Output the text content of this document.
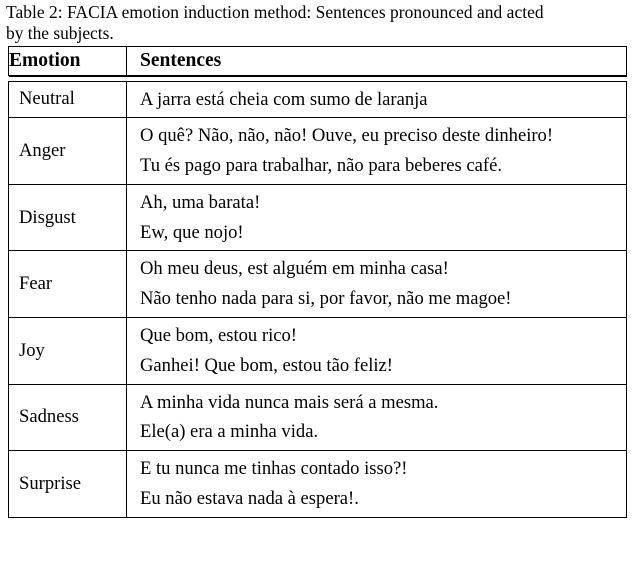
Table 2: FACIA emotion induction method: Sentences pronounced and acted
by the subjects.
Emotion	Sentences

Neutral	A jarra está cheia com sumo de laranja

Anger	O quê? Não, não, não! Ouve, eu preciso deste dinheiro!
Tu és pago para trabalhar, não para beberes café.

Disgust	Ah, uma barata!
Ew, que nojo!

Fear	Oh meu deus, est alguém em minha casa!
Não tenho nada para si, por favor, não me magoe!

Joy	Que bom, estou rico!
Ganhei! Que bom, estou tão feliz!

Sadness	A minha vida nunca mais será a mesma.
Ele(a) era a minha vida.

Surprise	E tu nunca me tinhas contado isso?!
Eu não estava nada à espera!.
